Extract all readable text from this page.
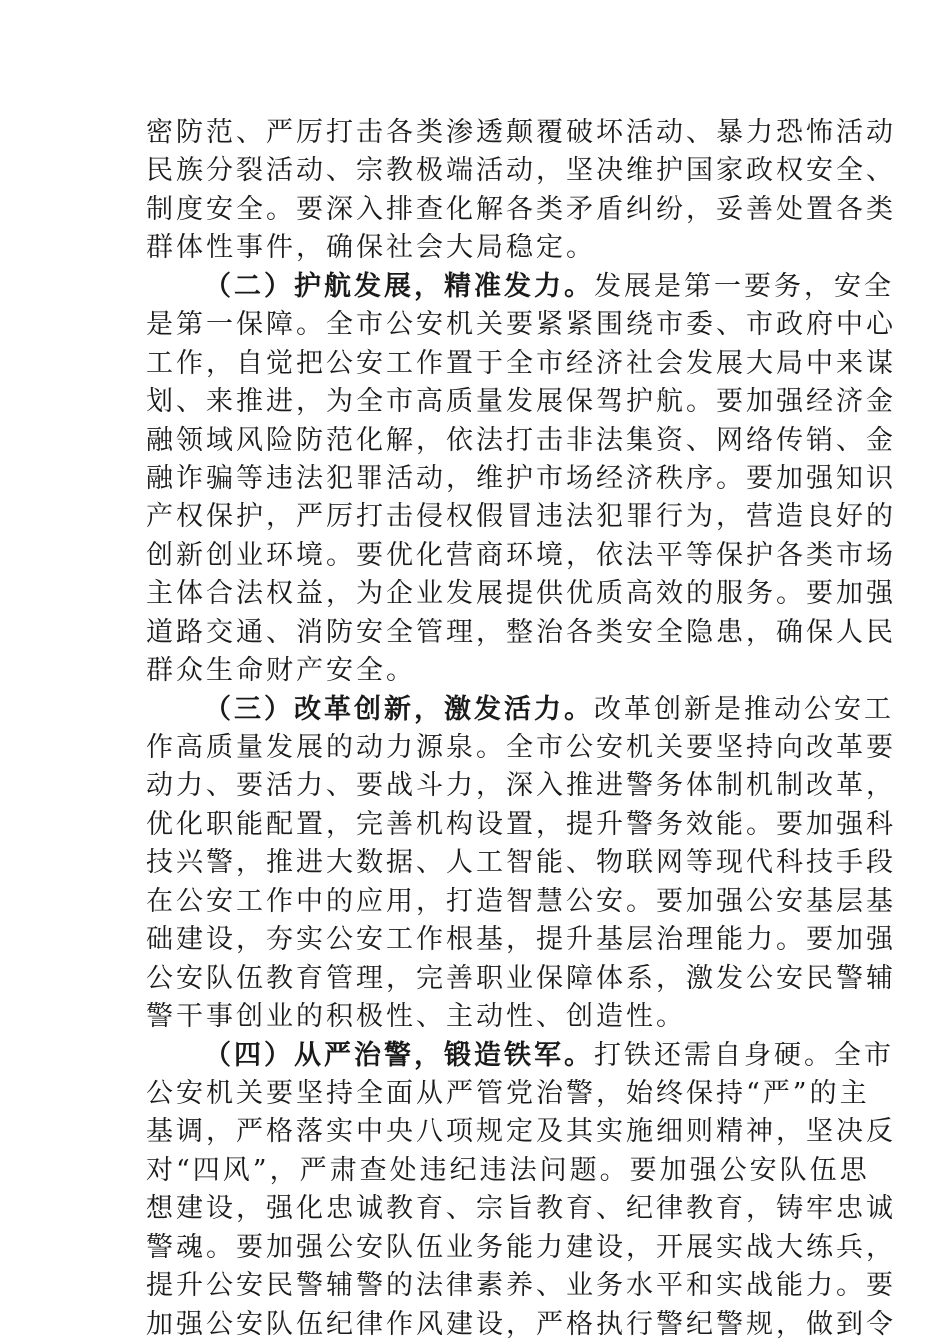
密防范、严厉打击各类渗透颠覆破坏活动、暴力恐怖活动
民族分裂活动、宗教极端活动，坚决维护国家政权安全、
制度安全。要深入排查化解各类矛盾纠纷，妥善处置各类
群体性事件，确保社会大局稳定。
（二）护航发展，精准发力。发展是第一要务，安全
是第一保障。全市公安机关要紧紧围绕市委、市政府中心
工作，自觉把公安工作置于全市经济社会发展大局中来谋
划、来推进，为全市高质量发展保驾护航。要加强经济金
融领域风险防范化解，依法打击非法集资、网络传销、金
融诈骗等违法犯罪活动，维护市场经济秩序。要加强知识
产权保护，严厉打击侵权假冒违法犯罪行为，营造良好的
创新创业环境。要优化营商环境，依法平等保护各类市场
主体合法权益，为企业发展提供优质高效的服务。要加强
道路交通、消防安全管理，整治各类安全隐患，确保人民
群众生命财产安全。
（三）改革创新，激发活力。改革创新是推动公安工
作高质量发展的动力源泉。全市公安机关要坚持向改革要
动力、要活力、要战斗力，深入推进警务体制机制改革，
优化职能配置，完善机构设置，提升警务效能。要加强科
技兴警，推进大数据、人工智能、物联网等现代科技手段
在公安工作中的应用，打造智慧公安。要加强公安基层基
础建设，夯实公安工作根基，提升基层治理能力。要加强
公安队伍教育管理，完善职业保障体系，激发公安民警辅
警干事创业的积极性、主动性、创造性。
（四）从严治警，锻造铁军。打铁还需自身硬。全市
公安机关要坚持全面从严管党治警，始终保持“严”的主
基调，严格落实中央八项规定及其实施细则精神，坚决反
对“四风”，严肃查处违纪违法问题。要加强公安队伍思
想建设，强化忠诚教育、宗旨教育、纪律教育，铸牢忠诚
警魂。要加强公安队伍业务能力建设，开展实战大练兵，
提升公安民警辅警的法律素养、业务水平和实战能力。要
加强公安队伍纪律作风建设，严格执行警纪警规，做到令
